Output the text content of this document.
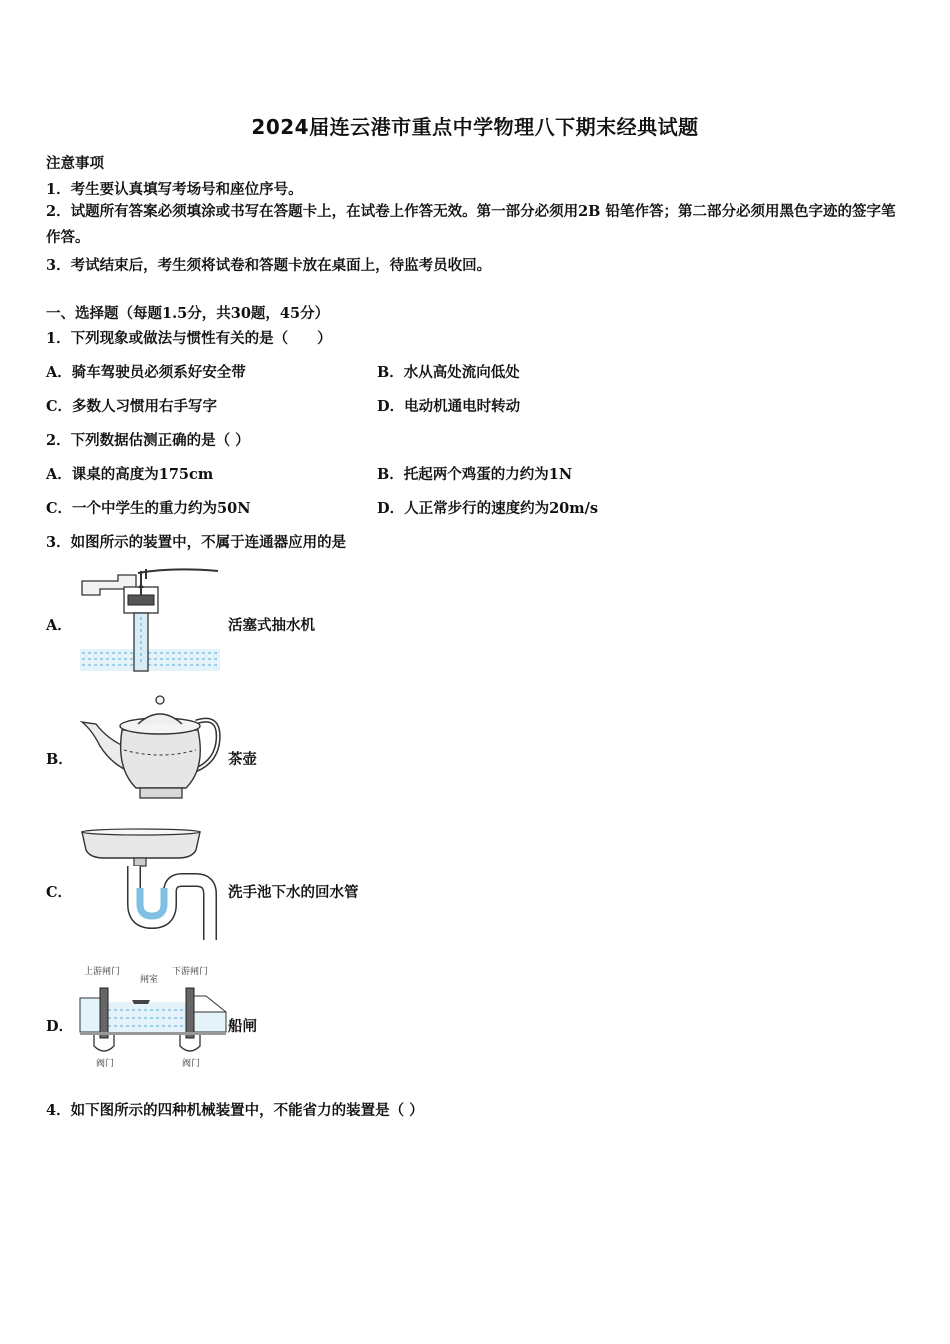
2024届连云港市重点中学物理八下期末经典试题
注意事项
1．考生要认真填写考场号和座位序号。
2．试题所有答案必须填涂或书写在答题卡上，在试卷上作答无效。第一部分必须用2B 铅笔作答；第二部分必须用黑色字迹的签字笔作答。
3．考试结束后，考生须将试卷和答题卡放在桌面上，待监考员收回。
一、选择题（每题1.5分，共30题，45分）
1．下列现象或做法与惯性有关的是（　　）
A．骑车驾驶员必须系好安全带	B．水从高处流向低处
C．多数人习惯用右手写字	D．电动机通电时转动
2．下列数据估测正确的是（ ）
A．课桌的高度为175cm	B．托起两个鸡蛋的力约为1N
C．一个中学生的重力约为50N	D．人正常步行的速度约为20m/s
3．如图所示的装置中，不属于连通器应用的是
A．	活塞式抽水机
B．	茶壶
C．	洗手池下水的回水管
D．
上游闸门
闸室
下游闸门
阀门	阀门
船闸
4．如下图所示的四种机械装置中，不能省力的装置是（ ）
